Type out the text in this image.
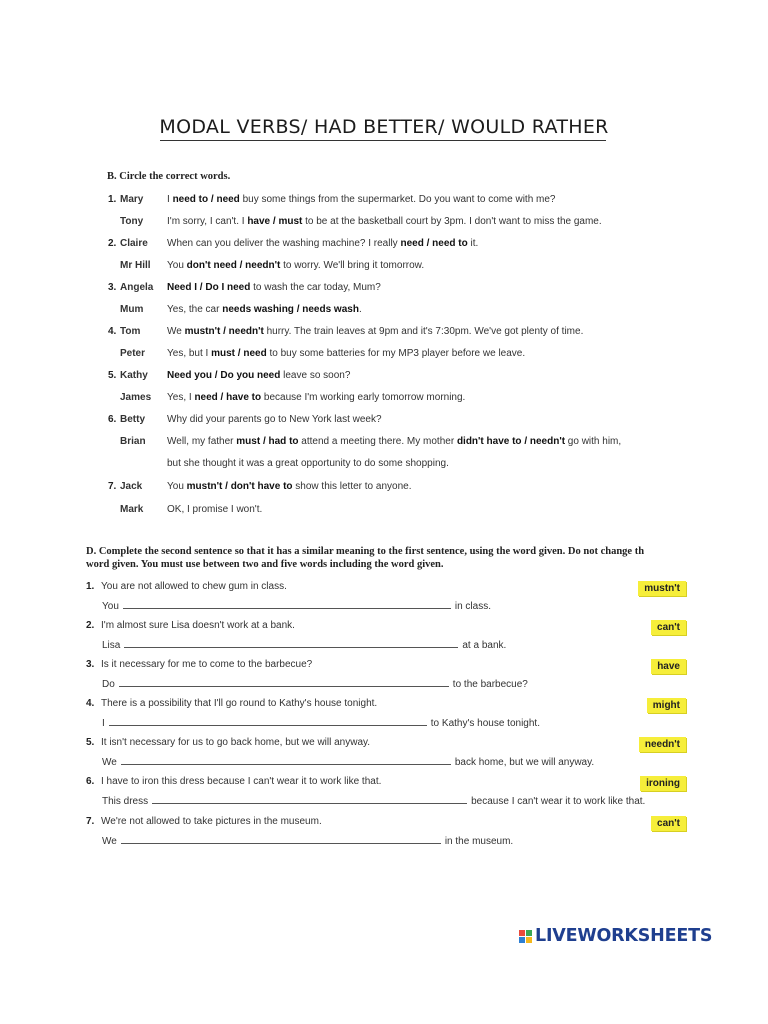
MODAL VERBS/ HAD BETTER/ WOULD RATHER
B. Circle the correct words.
1. Mary I need to / need buy some things from the supermarket. Do you want to come with me?
Tony I'm sorry, I can't. I have / must to be at the basketball court by 3pm. I don't want to miss the game.
2. Claire When can you deliver the washing machine? I really need / need to it.
Mr Hill You don't need / needn't to worry. We'll bring it tomorrow.
3. Angela Need I / Do I need to wash the car today, Mum?
Mum Yes, the car needs washing / needs wash.
4. Tom	We mustn't / needn't hurry. The train leaves at 9pm and it's 7:30pm. We've got plenty of time.
Peter Yes, but I must / need to buy some batteries for my MP3 player before we leave.
5. Kathy Need you / Do you need leave so soon?
James Yes, I need / have to because I'm working early tomorrow morning.
6. Betty Why did your parents go to New York last week?
Brian Well, my father must / had to attend a meeting there. My mother didn't have to / needn't go with him,
but she thought it was a great opportunity to do some shopping.
7. Jack You mustn't / don't have to show this letter to anyone.
Mark OK, I promise I won't.
D. Complete the second sentence so that it has a similar meaning to the first sentence, using the word given. Do not change th
word given. You must use between two and five words including the word given.
1. You are not allowed to chew gum in class.
You	in class.
mustn't
2. I'm almost sure Lisa doesn't work at a bank.
Lisa	at a bank.
can't
3. Is it necessary for me to come to the barbecue?
Do	to the barbecue?
have
4. There is a possibility that I'll go round to Kathy's house tonight.
I	to Kathy's house tonight.
might
5. It isn't necessary for us to go back home, but we will anyway.
We	back home, but we will anyway.
needn't
6. I have to iron this dress because I can't wear it to work like that.
This dress	because I can't wear it to work like that.
ironing
7. We're not allowed to take pictures in the museum.
We	in the museum.
can't
LIVEWORKSHEETS
